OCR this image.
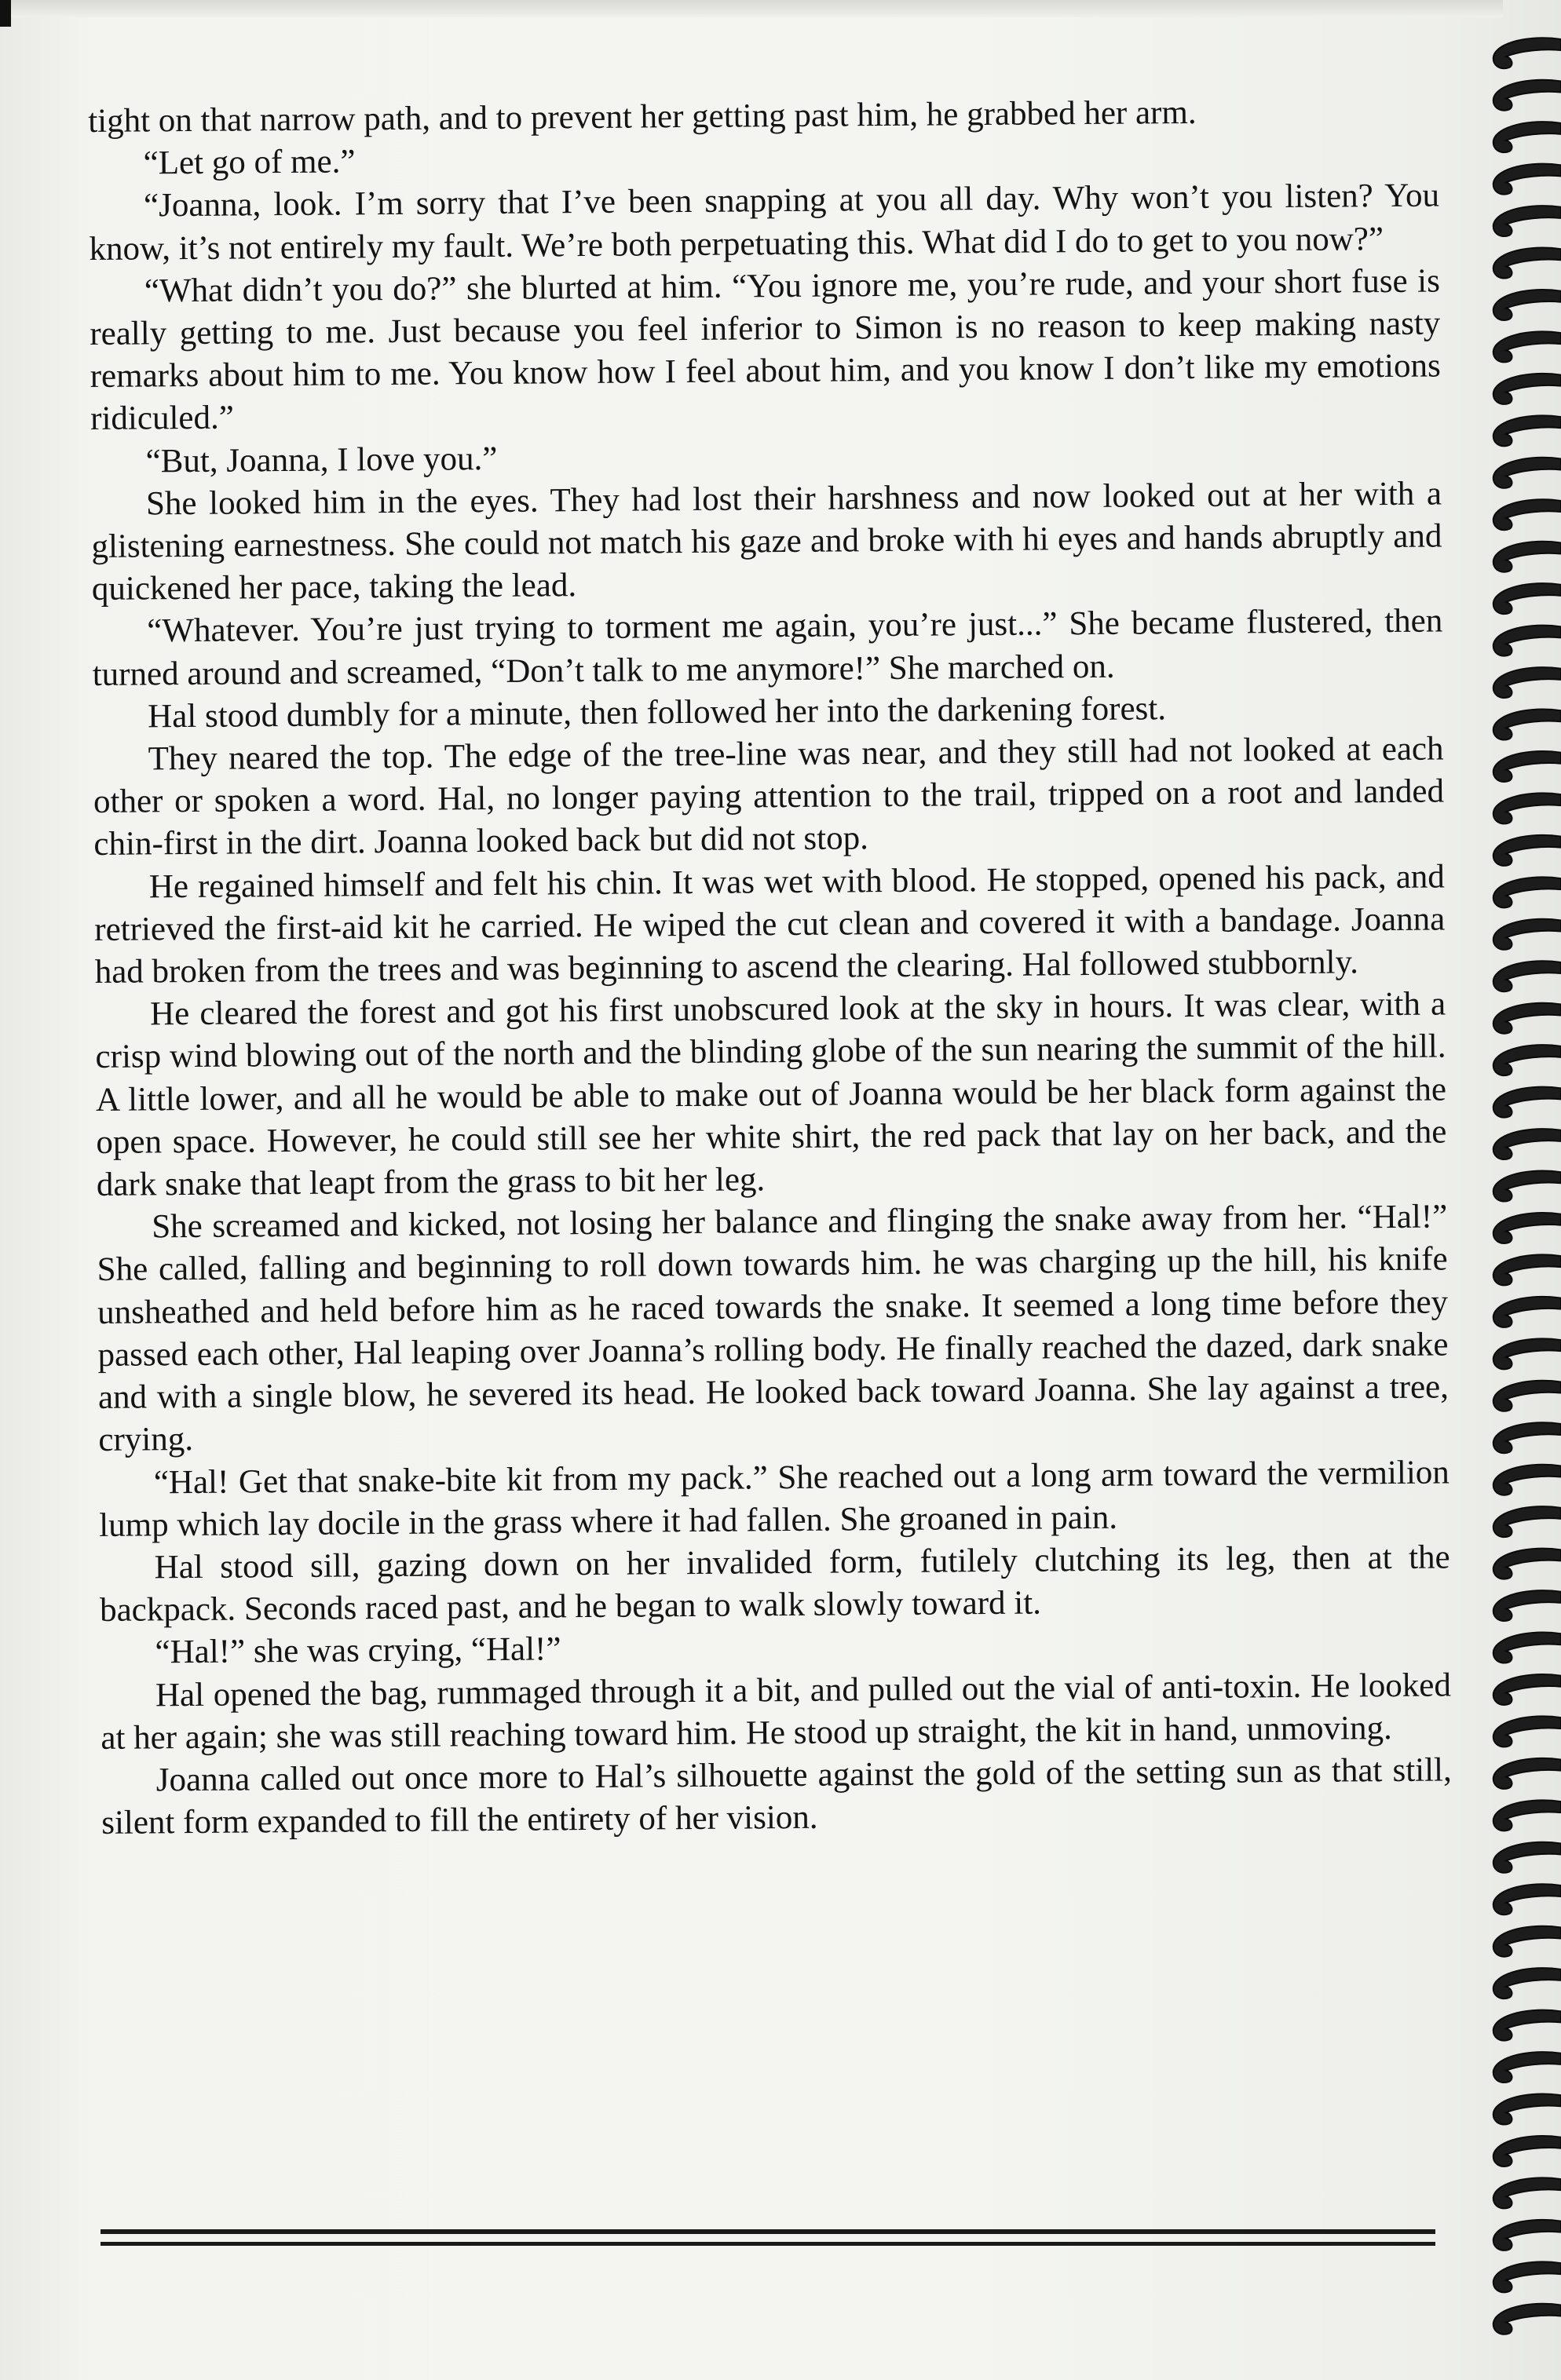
tight on that narrow path, and to prevent her getting past him, he grabbed her arm.

“Let go of me.”

“Joanna, look. I’m sorry that I’ve been snapping at you all day. Why won’t you listen? You know, it’s not entirely my fault. We’re both perpetuating this. What did I do to get to you now?”

“What didn’t you do?” she blurted at him. “You ignore me, you’re rude, and your short fuse is really getting to me. Just because you feel inferior to Simon is no reason to keep making nasty remarks about him to me. You know how I feel about him, and you know I don’t like my emotions ridiculed.”

“But, Joanna, I love you.”

She looked him in the eyes. They had lost their harshness and now looked out at her with a glistening earnestness. She could not match his gaze and broke with hi eyes and hands abruptly and quickened her pace, taking the lead.

“Whatever. You’re just trying to torment me again, you’re just...” She became flustered, then turned around and screamed, “Don’t talk to me anymore!” She marched on.

Hal stood dumbly for a minute, then followed her into the darkening forest.

They neared the top. The edge of the tree-line was near, and they still had not looked at each other or spoken a word. Hal, no longer paying attention to the trail, tripped on a root and landed chin-first in the dirt. Joanna looked back but did not stop.

He regained himself and felt his chin. It was wet with blood. He stopped, opened his pack, and retrieved the first-aid kit he carried. He wiped the cut clean and covered it with a bandage. Joanna had broken from the trees and was beginning to ascend the clearing. Hal followed stubbornly.

He cleared the forest and got his first unobscured look at the sky in hours. It was clear, with a crisp wind blowing out of the north and the blinding globe of the sun nearing the summit of the hill. A little lower, and all he would be able to make out of Joanna would be her black form against the open space. However, he could still see her white shirt, the red pack that lay on her back, and the dark snake that leapt from the grass to bit her leg.

She screamed and kicked, not losing her balance and flinging the snake away from her. “Hal!” She called, falling and beginning to roll down towards him. he was charging up the hill, his knife unsheathed and held before him as he raced towards the snake. It seemed a long time before they passed each other, Hal leaping over Joanna’s rolling body. He finally reached the dazed, dark snake and with a single blow, he severed its head. He looked back toward Joanna. She lay against a tree, crying.

“Hal! Get that snake-bite kit from my pack.” She reached out a long arm toward the vermilion lump which lay docile in the grass where it had fallen. She groaned in pain.

Hal stood sill, gazing down on her invalided form, futilely clutching its leg, then at the backpack. Seconds raced past, and he began to walk slowly toward it.

“Hal!” she was crying, “Hal!”

Hal opened the bag, rummaged through it a bit, and pulled out the vial of anti-toxin. He looked at her again; she was still reaching toward him. He stood up straight, the kit in hand, unmoving.

Joanna called out once more to Hal’s silhouette against the gold of the setting sun as that still, silent form expanded to fill the entirety of her vision.
